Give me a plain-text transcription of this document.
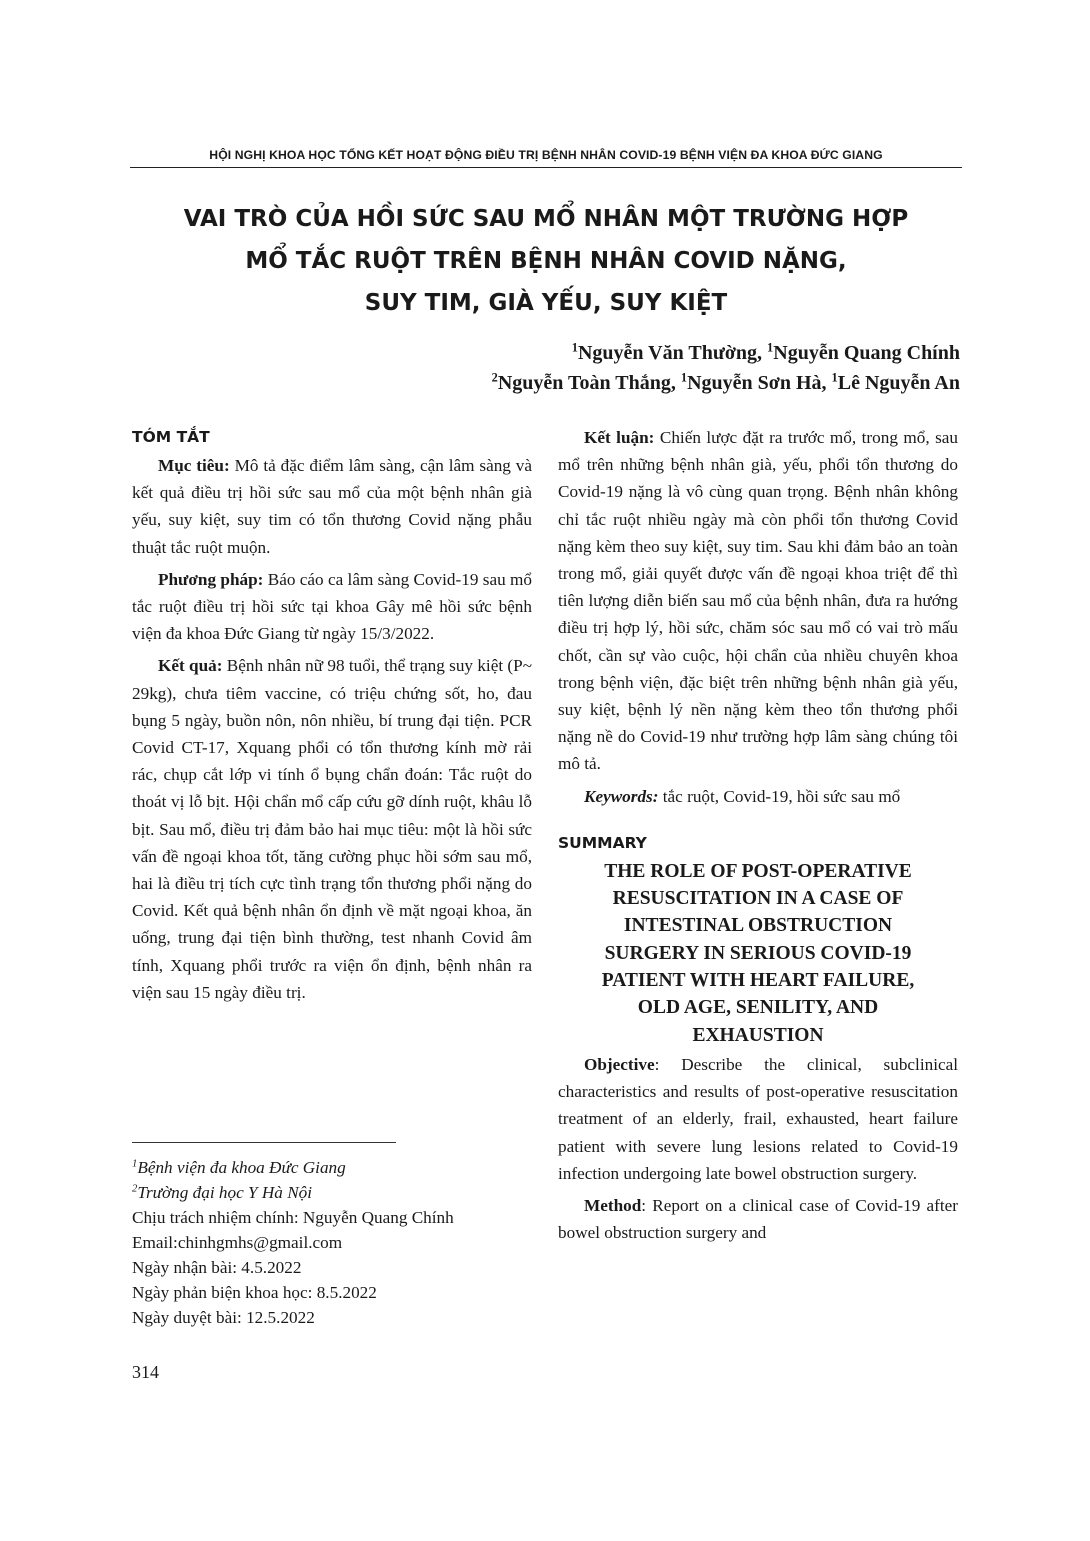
HỘI NGHỊ KHOA HỌC TỔNG KẾT HOẠT ĐỘNG ĐIỀU TRỊ BỆNH NHÂN COVID-19 BỆNH VIỆN ĐA KHOA ĐỨC GIANG
VAI TRÒ CỦA HỒI SỨC SAU MỔ NHÂN MỘT TRƯỜNG HỢP
MỔ TẮC RUỘT TRÊN BỆNH NHÂN COVID NẶNG,
SUY TIM, GIÀ YẾU, SUY KIỆT
$^1$Nguyễn Văn Thường, $^1$Nguyễn Quang Chính
$^2$Nguyễn Toàn Thắng, $^1$Nguyễn Sơn Hà, $^1$Lê Nguyễn An
TÓM TẮT

Mục tiêu: Mô tả đặc điểm lâm sàng, cận lâm sàng và kết quả điều trị hồi sức sau mổ của một bệnh nhân già yếu, suy kiệt, suy tim có tổn thương Covid nặng phẫu thuật tắc ruột muộn.

Phương pháp: Báo cáo ca lâm sàng Covid-19 sau mổ tắc ruột điều trị hồi sức tại khoa Gây mê hồi sức bệnh viện đa khoa Đức Giang từ ngày 15/3/2022.

Kết quả: Bệnh nhân nữ 98 tuổi, thể trạng suy kiệt (P~ 29kg), chưa tiêm vaccine, có triệu chứng sốt, ho, đau bụng 5 ngày, buồn nôn, nôn nhiều, bí trung đại tiện. PCR Covid CT-17, Xquang phổi có tổn thương kính mờ rải rác, chụp cắt lớp vi tính ổ bụng chẩn đoán: Tắc ruột do thoát vị lỗ bịt. Hội chẩn mổ cấp cứu gỡ dính ruột, khâu lỗ bịt. Sau mổ, điều trị đảm bảo hai mục tiêu: một là hồi sức vấn đề ngoại khoa tốt, tăng cường phục hồi sớm sau mổ, hai là điều trị tích cực tình trạng tổn thương phổi nặng do Covid. Kết quả bệnh nhân ổn định về mặt ngoại khoa, ăn uống, trung đại tiện bình thường, test nhanh Covid âm tính, Xquang phổi trước ra viện ổn định, bệnh nhân ra viện sau 15 ngày điều trị.

Kết luận: Chiến lược đặt ra trước mổ, trong mổ, sau mổ trên những bệnh nhân già, yếu, phổi tổn thương do Covid-19 nặng là vô cùng quan trọng. Bệnh nhân không chỉ tắc ruột nhiều ngày mà còn phổi tổn thương Covid nặng kèm theo suy kiệt, suy tim. Sau khi đảm bảo an toàn trong mổ, giải quyết được vấn đề ngoại khoa triệt để thì tiên lượng diễn biến sau mổ của bệnh nhân, đưa ra hướng điều trị hợp lý, hồi sức, chăm sóc sau mổ có vai trò mấu chốt, cần sự vào cuộc, hội chẩn của nhiều chuyên khoa trong bệnh viện, đặc biệt trên những bệnh nhân già yếu, suy kiệt, bệnh lý nền nặng kèm theo tổn thương phổi nặng nề do Covid-19 như trường hợp lâm sàng chúng tôi mô tả.

Keywords: tắc ruột, Covid-19, hồi sức sau mổ

SUMMARY
THE ROLE OF POST-OPERATIVE
RESUSCITATION IN A CASE OF
INTESTINAL OBSTRUCTION
SURGERY IN SERIOUS COVID-19
PATIENT WITH HEART FAILURE,
OLD AGE, SENILITY, AND
EXHAUSTION

Objective: Describe the clinical, subclinical characteristics and results of post-operative resuscitation treatment of an elderly, frail, exhausted, heart failure patient with severe lung lesions related to Covid-19 infection undergoing late bowel obstruction surgery.

Method: Report on a clinical case of Covid-19 after bowel obstruction surgery and

$^1$Bệnh viện đa khoa Đức Giang
$^2$Trường đại học Y Hà Nội
Chịu trách nhiệm chính: Nguyễn Quang Chính
Email:chinhgmhs@gmail.com
Ngày nhận bài: 4.5.2022
Ngày phản biện khoa học: 8.5.2022
Ngày duyệt bài: 12.5.2022
314
